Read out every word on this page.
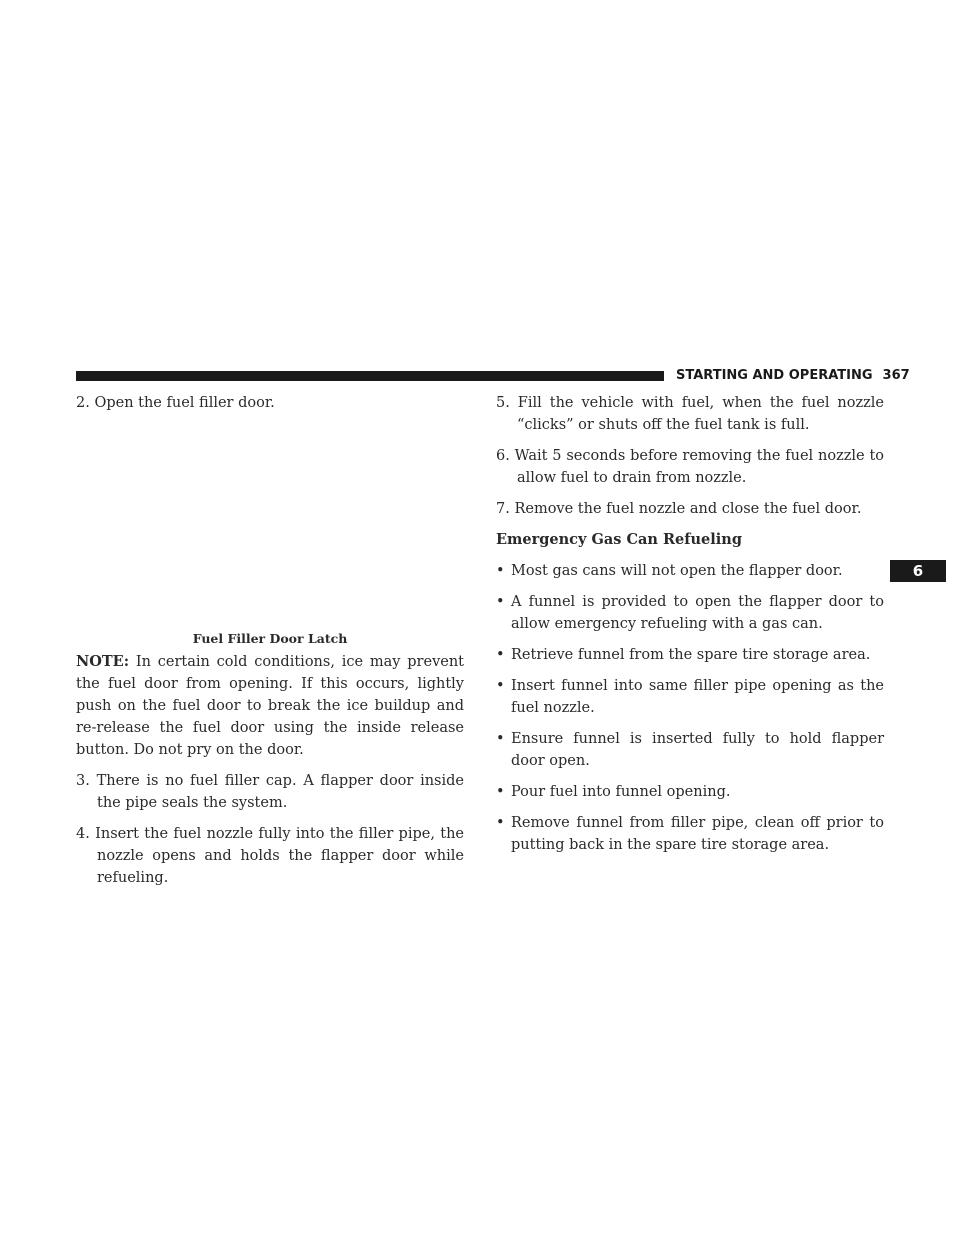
STARTING AND OPERATING 367
6

2. Open the fuel filler door.

Fuel Filler Door Latch

NOTE: In certain cold conditions, ice may prevent the fuel door from opening. If this occurs, lightly push on the fuel door to break the ice buildup and re-release the fuel door using the inside release button. Do not pry on the door.

3. There is no fuel filler cap. A flapper door inside the pipe seals the system.

4. Insert the fuel nozzle fully into the filler pipe, the nozzle opens and holds the flapper door while refueling.

5. Fill the vehicle with fuel, when the fuel nozzle “clicks” or shuts off the fuel tank is full.

6. Wait 5 seconds before removing the fuel nozzle to allow fuel to drain from nozzle.

7. Remove the fuel nozzle and close the fuel door.

Emergency Gas Can Refueling

• Most gas cans will not open the flapper door.

• A funnel is provided to open the flapper door to allow emergency refueling with a gas can.

• Retrieve funnel from the spare tire storage area.

• Insert funnel into same filler pipe opening as the fuel nozzle.

• Ensure funnel is inserted fully to hold flapper door open.

• Pour fuel into funnel opening.

• Remove funnel from filler pipe, clean off prior to putting back in the spare tire storage area.
